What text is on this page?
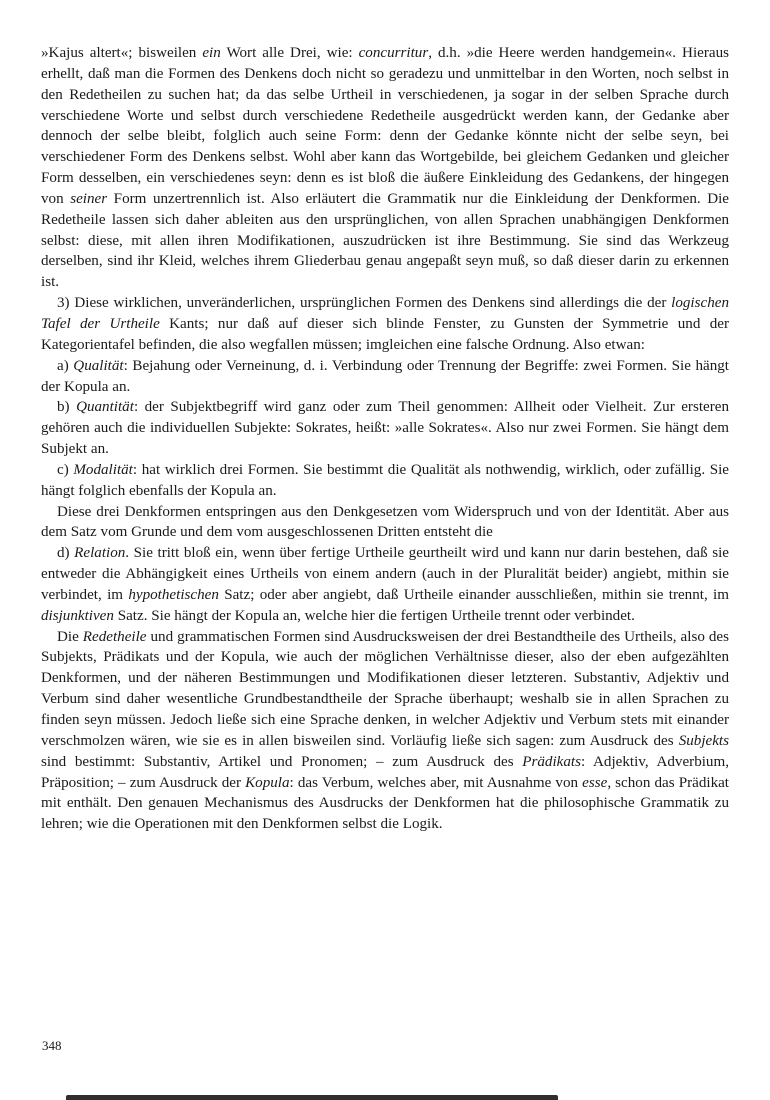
»Kajus altert«; bisweilen ein Wort alle Drei, wie: concurritur, d.h. »die Heere werden handgemein«. Hieraus erhellt, daß man die Formen des Denkens doch nicht so geradezu und unmittelbar in den Worten, noch selbst in den Redetheilen zu suchen hat; da das selbe Urtheil in verschiedenen, ja sogar in der selben Sprache durch verschiedene Worte und selbst durch verschiedene Redetheile ausgedrückt werden kann, der Gedanke aber dennoch der selbe bleibt, folglich auch seine Form: denn der Gedanke könnte nicht der selbe seyn, bei verschiedener Form des Denkens selbst. Wohl aber kann das Wortgebilde, bei gleichem Gedanken und gleicher Form desselben, ein verschiedenes seyn: denn es ist bloß die äußere Einkleidung des Gedankens, der hingegen von seiner Form unzertrennlich ist. Also erläutert die Grammatik nur die Einkleidung der Denkformen. Die Redetheile lassen sich daher ableiten aus den ursprünglichen, von allen Sprachen unabhängigen Denkformen selbst: diese, mit allen ihren Modifikationen, auszudrücken ist ihre Bestimmung. Sie sind das Werkzeug derselben, sind ihr Kleid, welches ihrem Gliederbau genau angepaßt seyn muß, so daß dieser darin zu erkennen ist.

3) Diese wirklichen, unveränderlichen, ursprünglichen Formen des Denkens sind allerdings die der logischen Tafel der Urtheile Kants; nur daß auf dieser sich blinde Fenster, zu Gunsten der Symmetrie und der Kategorientafel befinden, die also wegfallen müssen; imgleichen eine falsche Ordnung. Also etwan:

a) Qualität: Bejahung oder Verneinung, d. i. Verbindung oder Trennung der Begriffe: zwei Formen. Sie hängt der Kopula an.

b) Quantität: der Subjektbegriff wird ganz oder zum Theil genommen: Allheit oder Vielheit. Zur ersteren gehören auch die individuellen Subjekte: Sokrates, heißt: »alle Sokrates«. Also nur zwei Formen. Sie hängt dem Subjekt an.

c) Modalität: hat wirklich drei Formen. Sie bestimmt die Qualität als nothwendig, wirklich, oder zufällig. Sie hängt folglich ebenfalls der Kopula an.

Diese drei Denkformen entspringen aus den Denkgesetzen vom Widerspruch und von der Identität. Aber aus dem Satz vom Grunde und dem vom ausgeschlossenen Dritten entsteht die

d) Relation. Sie tritt bloß ein, wenn über fertige Urtheile geurtheilt wird und kann nur darin bestehen, daß sie entweder die Abhängigkeit eines Urtheils von einem andern (auch in der Pluralität beider) angiebt, mithin sie verbindet, im hypothetischen Satz; oder aber angiebt, daß Urtheile einander ausschließen, mithin sie trennt, im disjunktiven Satz. Sie hängt der Kopula an, welche hier die fertigen Urtheile trennt oder verbindet.

Die Redetheile und grammatischen Formen sind Ausdrucksweisen der drei Bestandtheile des Urtheils, also des Subjekts, Prädikats und der Kopula, wie auch der möglichen Verhältnisse dieser, also der eben aufgezählten Denkformen, und der näheren Bestimmungen und Modifikationen dieser letzteren. Substantiv, Adjektiv und Verbum sind daher wesentliche Grundbestandtheile der Sprache überhaupt; weshalb sie in allen Sprachen zu finden seyn müssen. Jedoch ließe sich eine Sprache denken, in welcher Adjektiv und Verbum stets mit einander verschmolzen wären, wie sie es in allen bisweilen sind. Vorläufig ließe sich sagen: zum Ausdruck des Subjekts sind bestimmt: Substantiv, Artikel und Pronomen; – zum Ausdruck des Prädikats: Adjektiv, Adverbium, Präposition; – zum Ausdruck der Kopula: das Verbum, welches aber, mit Ausnahme von esse, schon das Prädikat mit enthält. Den genauen Mechanismus des Ausdrucks der Denkformen hat die philosophische Grammatik zu lehren; wie die Operationen mit den Denkformen selbst die Logik.

348
